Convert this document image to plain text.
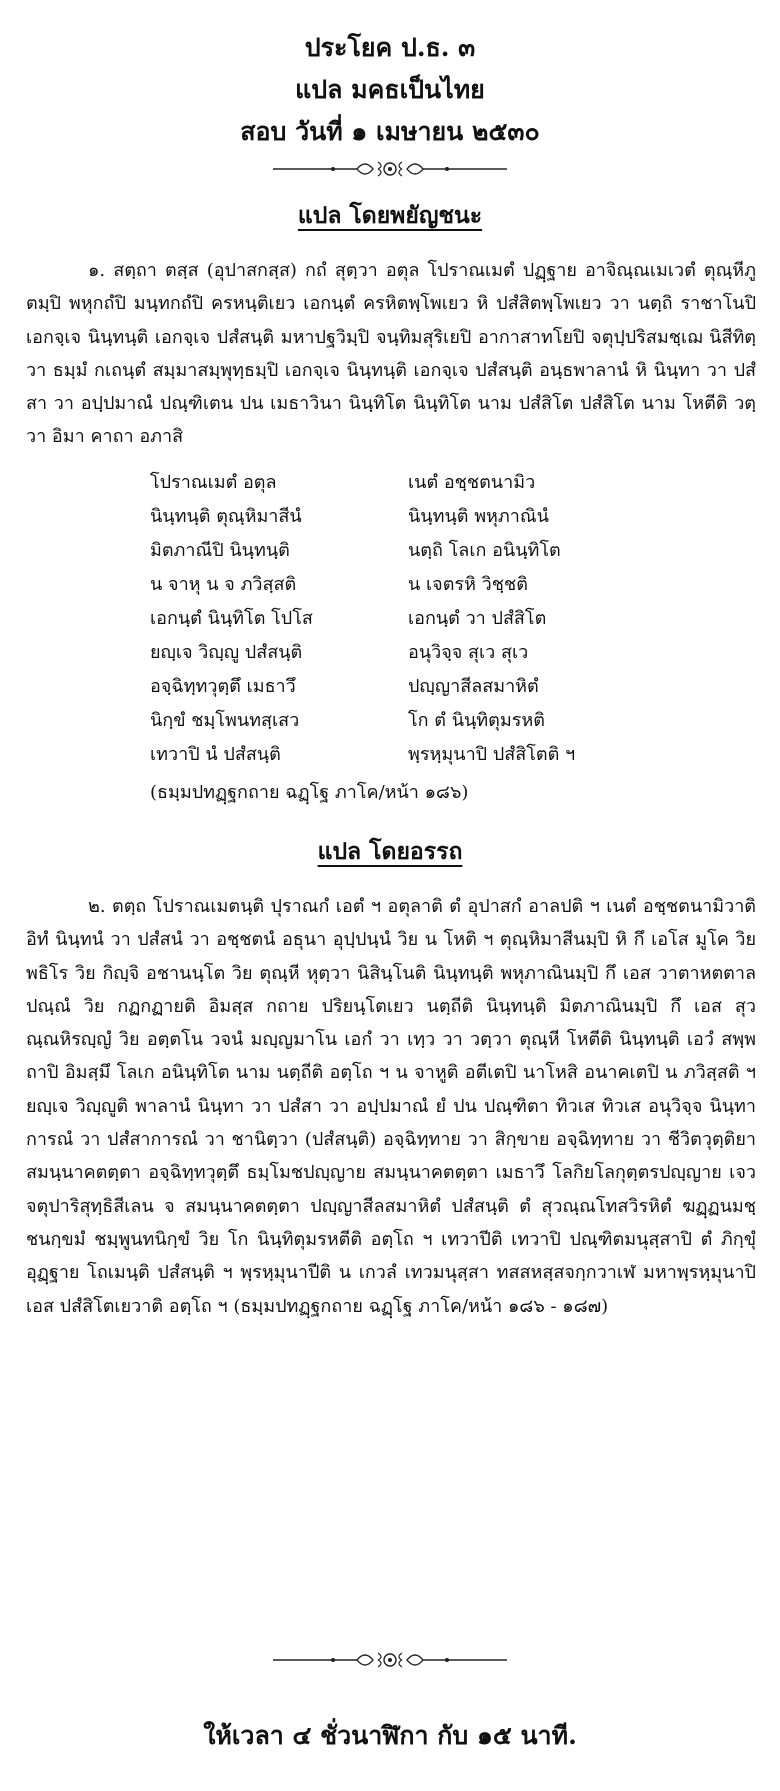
ประโยค ป.ธ. ๓
แปล มคธเป็นไทย
สอบ วันที่ ๑ เมษายน ๒๕๓๐
แปล โดยพยัญชนะ
๑. สตฺถา ตสฺส (อุปาสกสฺส) กถํ สุตฺวา อตุล โปราณเมตํ ปฏฺฐาย อาจิณฺณเมเวตํ ตุณฺหีภูตมฺปิ พหุกถํปิ มนฺทกถํปิ ครหนฺติเยว เอกนฺตํ ครหิตพฺโพเยว หิ ปสํสิตพฺโพเยว วา นตฺถิ ราชาโนปิ เอกจฺเจ นินฺทนฺติ เอกจฺเจ ปสํสนฺติ มหาปฐวิมฺปิ จนฺทิมสุริเยปิ อากาสาทโยปิ จตุปฺปริสมชฺเฌ นิสีทิตฺวา ธมฺมํ กเถนฺตํ สมฺมาสมฺพุทฺธมฺปิ เอกจฺเจ นินฺทนฺติ เอกจฺเจ ปสํสนฺติ อนฺธพาลานํ หิ นินฺทา วา ปสํสา วา อปฺปมาณํ ปณฺฑิเตน ปน เมธาวินา นินฺทิโต นินฺทิโต นาม ปสํสิโต ปสํสิโต นาม โหตีติ วตฺวา อิมา คาถา อภาสิ
โปราณเมตํ อตุล	เนตํ อชฺชตนามิว
นินฺทนฺติ ตุณฺหิมาสีนํ	นินฺทนฺติ พหุภาณินํ
มิตภาณีปิ นินฺทนฺติ	นตฺถิ โลเก อนินฺทิโต
น จาหุ น จ ภวิสฺสติ	น เจตรหิ วิชฺชติ
เอกนฺตํ นินฺทิโต โปโส	เอกนฺตํ วา ปสํสิโต
ยญฺเจ วิญฺญู ปสํสนฺติ	อนุวิจฺจ สุเว สุเว
อจฺฉิทฺทวุตฺตึ เมธาวึ	ปญฺญาสีลสมาหิตํ
นิกฺขํ ชมฺโพนทสฺเสว	โก ตํ นินฺทิตุมรหติ
เทวาปิ นํ ปสํสนฺติ	พฺรหฺมุนาปิ ปสํสิโตติ ฯ
(ธมฺมปทฏฺฐกถาย ฉฏฺโฐ ภาโค/หน้า ๑๘๖)
แปล โดยอรรถ
๒. ตตฺถ โปราณเมตนฺติ ปุราณกํ เอตํ ฯ อตุลาติ ตํ อุปาสกํ อาลปติ ฯ เนตํ อชฺชตนามิวาติ อิทํ นินฺทนํ วา ปสํสนํ วา อชฺชตนํ อธุนา อุปฺปนฺนํ วิย น โหติ ฯ ตุณฺหิมาสีนมฺปิ หิ กึ เอโส มูโค วิย พธิโร วิย กิญฺจิ อชานนฺโต วิย ตุณฺหี หุตฺวา นิสินฺโนติ นินฺทนฺติ พหุภาณินมฺปิ กึ เอส วาตาหตตาลปณฺณํ วิย กฏกฏายติ อิมสฺส กถาย ปริยนฺโตเยว นตฺถีติ นินฺทนฺติ มิตภาณินมฺปิ กึ เอส สุวณฺณหิรญฺญํ วิย อตฺตโน วจนํ มญฺญมาโน เอกํ วา เทฺว วา วตฺวา ตุณฺหี โหตีติ นินฺทนฺติ เอวํ สพฺพถาปิ อิมสฺมึ โลเก อนินฺทิโต นาม นตฺถีติ อตฺโถ ฯ น จาหูติ อตีเตปิ นาโหสิ อนาคเตปิ น ภวิสฺสติ ฯ ยญฺเจ วิญฺญูติ พาลานํ นินฺทา วา ปสํสา วา อปฺปมาณํ ยํ ปน ปณฺฑิตา ทิวเส ทิวเส อนุวิจฺจ นินฺทาการณํ วา ปสํสาการณํ วา ชานิตฺวา (ปสํสนฺติ) อจฺฉิทฺทาย วา สิกฺขาย อจฺฉิทฺทาย วา ชีวิตวุตฺติยา สมนฺนาคตตฺตา อจฺฉิทฺทวุตฺตึ ธมฺโมชปญฺญาย สมนฺนาคตตฺตา เมธาวึ โลกิยโลกุตฺตรปญฺญาย เจว จตุปาริสุทฺธิสีเลน จ สมนฺนาคตตฺตา ปญฺญาสีลสมาหิตํ ปสํสนฺติ ตํ สุวณฺณโทสวิรหิตํ ฆฏฺฏนมชฺชนกฺขมํ ชมฺพูนทนิกฺขํ วิย โก นินฺทิตุมรหตีติ อตฺโถ ฯ เทวาปีติ เทวาปิ ปณฺฑิตมนุสฺสาปิ ตํ ภิกฺขุํ อุฏฺฐาย โถเมนฺติ ปสํสนฺติ ฯ พฺรหฺมุนาปีติ น เกวลํ เทวมนุสฺสา ทสสหสฺสจกฺกวาเฬ มหาพฺรหฺมุนาปิ เอส ปสํสิโตเยวาติ อตฺโถ ฯ (ธมฺมปทฏฺฐกถาย ฉฏฺโฐ ภาโค/หน้า ๑๘๖ - ๑๘๗)
ให้เวลา ๔ ชั่วนาฬิกา กับ ๑๕ นาที.
